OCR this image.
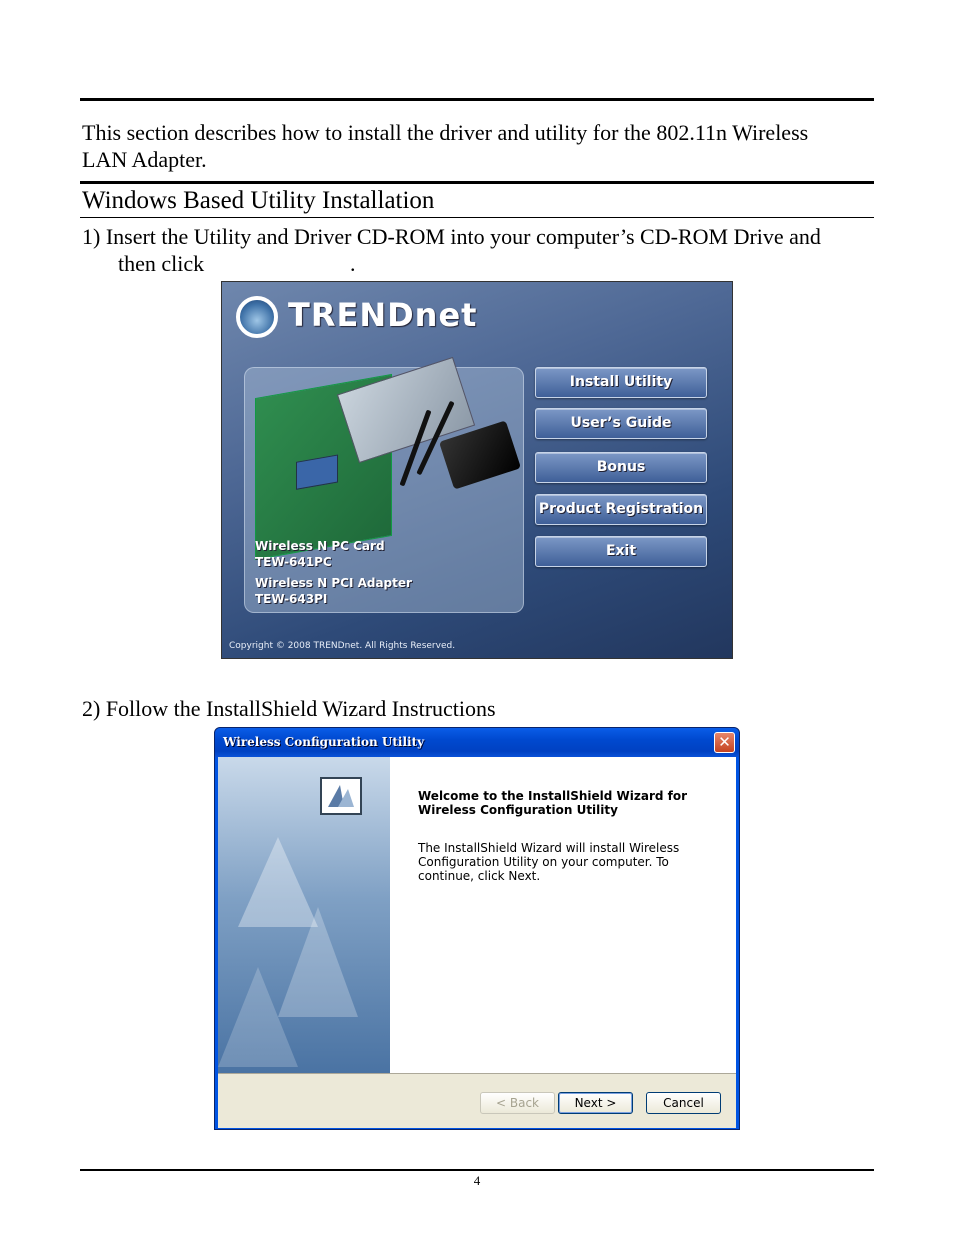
This section describes how to install the driver and utility for the 802.11n Wireless
LAN Adapter.
Windows Based Utility Installation
1) Insert the Utility and Driver CD-ROM into your computer’s CD-ROM Drive and
then click	.
TRENDnet
Wireless N PC Card
TEW-641PC
Wireless N PCI Adapter
TEW-643PI
Install Utility
User’s Guide
Bonus
Product Registration
Exit
Copyright © 2008 TRENDnet. All Rights Reserved.
2) Follow the InstallShield Wizard Instructions
Wireless Configuration Utility	✕
Welcome to the InstallShield Wizard for Wireless Configuration Utility
The InstallShield Wizard will install Wireless Configuration Utility on your computer. To continue, click Next.
< Back	Next >	Cancel
4
